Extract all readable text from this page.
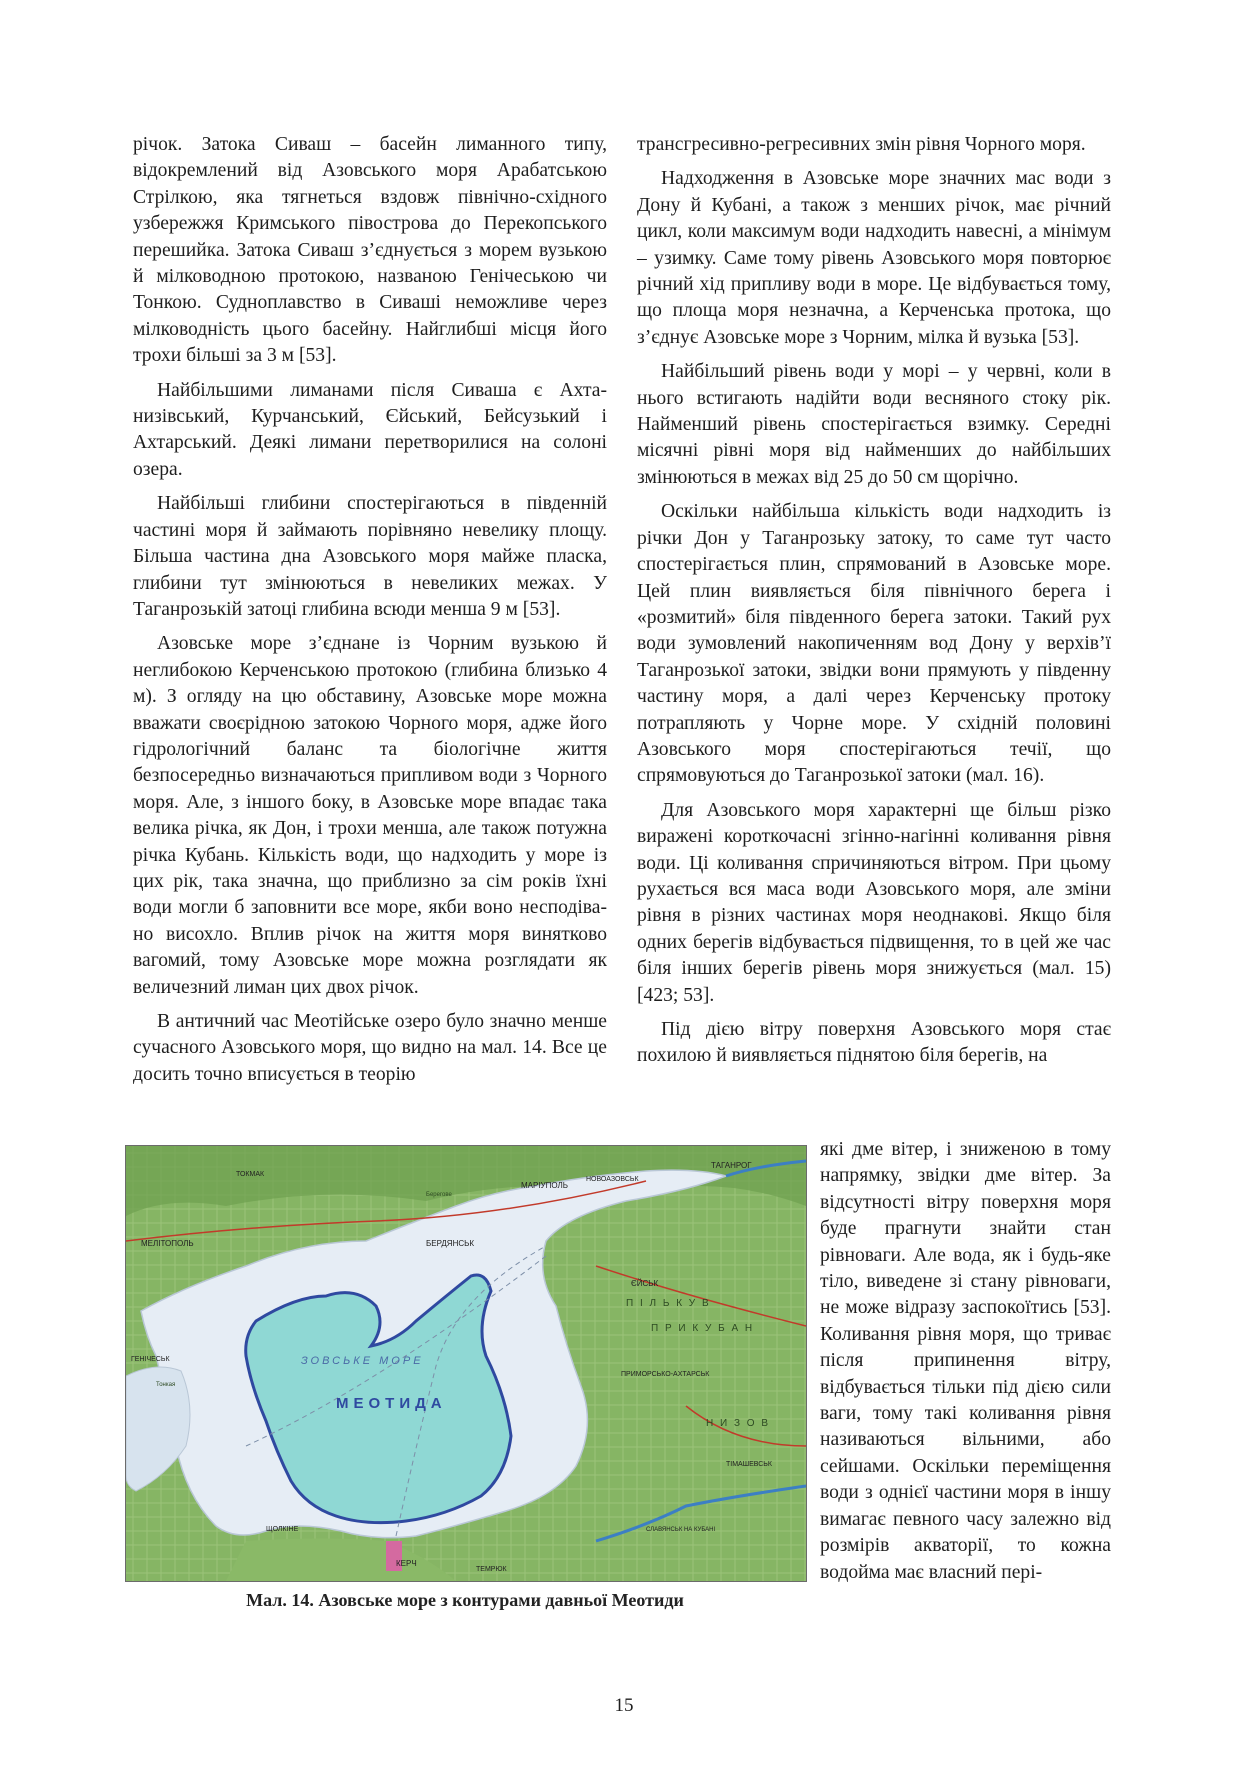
річок. Затока Сиваш – басейн лиманного типу, відокремлений від Азовського моря Арабатською Стрілкою, яка тягнеться вздовж північно-східного узбережжя Кримського півострова до Перекопського перешийка. Затока Сиваш з’єднується з морем вузькою й мілководною протокою, названою Генічеською чи Тонкою. Судноплавство в Сиваші неможливе через мілководність цього басейну. Найглибші місця його трохи більші за 3 м [53].

Найбільшими лиманами після Сиваша є Ахтанизівський, Курчанський, Єйський, Бейсузький і Ахтарський. Деякі лимани перетворилися на солоні озера.

Найбільші глибини спостерігаються в південній частині моря й займають порівняно невелику площу. Більша частина дна Азовського моря майже пласка, глибини тут змінюються в невеликих межах. У Таганрозькій затоці глибина всюди менша 9 м [53].

Азовське море з’єднане із Чорним вузькою й неглибокою Керченською протокою (глибина близько 4 м). З огляду на цю обставину, Азовське море можна вважати своєрідною затокою Чорного моря, адже його гідрологічний баланс та біологічне життя безпосередньо визначаються припливом води з Чорного моря. Але, з іншого боку, в Азовське море впадає така велика річка, як Дон, і трохи менша, але також потужна річка Кубань. Кількість води, що надходить у море із цих рік, така значна, що приблизно за сім років їхні води могли б заповнити все море, якби воно несподівано висохло. Вплив річок на життя моря винятково вагомий, тому Азовське море можна розглядати як величезний лиман цих двох річок.

В античний час Меотійське озеро було значно менше сучасного Азовського моря, що видно на мал. 14. Все це досить точно вписується в теорію

трансгресивно-регресивних змін рівня Чорного моря.

Надходження в Азовське море значних мас води з Дону й Кубані, а також з менших річок, має річний цикл, коли максимум води надходить навесні, а мінімум – узимку. Саме тому рівень Азовського моря повторює річний хід припливу води в море. Це відбувається тому, що площа моря незначна, а Керченська протока, що з’єднує Азовське море з Чорним, мілка й вузька [53].

Найбільший рівень води у морі – у червні, коли в нього встигають надійти води весняного стоку рік. Найменший рівень спостерігається взимку. Середні місячні рівні моря від найменших до найбільших змінюються в межах від 25 до 50 см щорічно.

Оскільки найбільша кількість води надходить із річки Дон у Таганрозьку затоку, то саме тут часто спостерігається плин, спрямований в Азовське море. Цей плин виявляється біля північного берега і «розмитий» біля південного берега затоки. Такий рух води зумовлений накопиченням вод Дону у верхів’ї Таганрозької затоки, звідки вони прямують у південну частину моря, а далі через Керченську протоку потрапляють у Чорне море. У східній половині Азовського моря спостерігаються течії, що спрямовуються до Таганрозької затоки (мал. 16).

Для Азовського моря характерні ще більш різко виражені короткочасні згінно-нагінні коливання рівня води. Ці коливання спричиняються вітром. При цьому рухається вся маса води Азовського моря, але зміни рівня в різних частинах моря неоднакові. Якщо біля одних берегів відбувається підвищення, то в цей же час біля інших берегів рівень моря знижується (мал. 15) [423; 53].

Під дією вітру поверхня Азовського моря стає похилою й виявляється піднятою біля берегів, на

які дме вітер, і зниженою в тому напрямку, звідки дме вітер. За відсутності вітру поверхня моря буде прагнути знайти стан рівноваги. Але вода, як і будь-яке тіло, виведене зі стану рівноваги, не може відразу заспокоїтись [53]. Коливання рівня моря, що триває після припинення вітру, відбувається тільки під дією сили ваги, тому такі коливання рівня називаються вільними, або сейшами. Оскільки переміщення води з однієї частини моря в іншу вимагає певного часу залежно від розмірів акваторії, то кожна водойма має власний пері-

МЕОТИДА
ЗОВСЬКЕ МОРЕ
ТАГАНРОГ
МАРІУПОЛЬ
НОВОАЗОВСЬК
МЕЛІТОПОЛЬ	БЕРДЯНСЬК
ЄЙСЬК
ГЕНІЧЕСЬК
КЕРЧ
ТЕМРЮК
ПРИМОРСЬКО-АХТАРСЬК
ТІМАШЕВСЬК
СЛАВЯНСЬК НА КУБАНІ
ЩОЛКІНЕ
ТОКМАК
П Р И К У Б А Н
Н И З О В
П І Л Ь К У В
Тонкая
Берегове
Мал. 14. Азовське море з контурами давньої Меотиди
15
